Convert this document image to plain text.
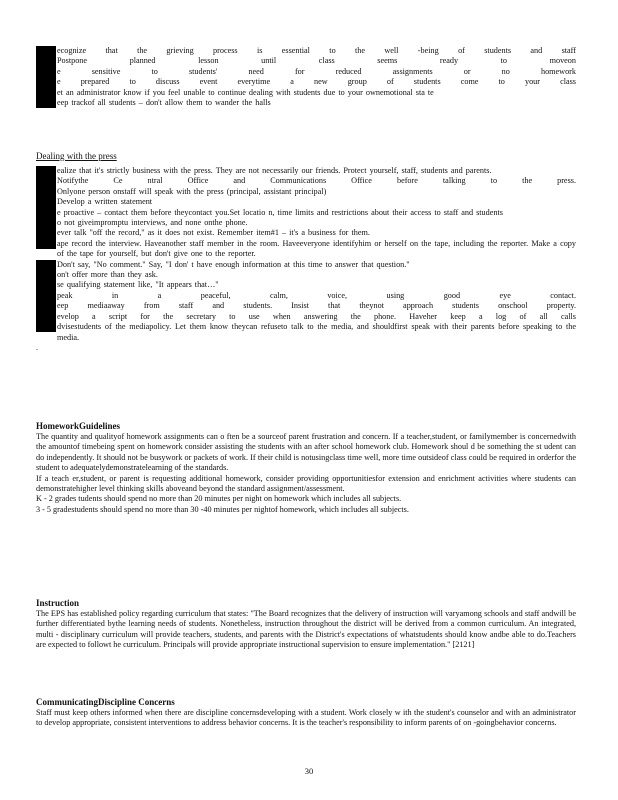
ecognize that the grieving process is essential to the well -being of students and staff
Postpone planned lesson until class seems ready to moveon
e sensitive to students' need for reduced assignments or no homework
e prepared to discuss event everytime a new group of students come to your class
et an administrator know if you feel unable to continue dealing with students due to your ownemotional sta te
eep trackof all students – don't allow them to wander the halls
Dealing with the press
ealize that it's strictly business with the press. They are not necessarily our friends. Protect yourself, staff, students and parents.
Notifythe Ce ntral Office and Communications Office before talking to the press.
Onlyone person onstaff will speak with the press (principal, assistant principal)
Develop a written statement
e proactive – contact them before theycontact you.Set locatio n, time limits and restrictions about their access to staff and students
o not giveimpromptu interviews, and none onthe phone.
ever talk "off the record," as it does not exist. Remember item#1 – it's a business for them.
ape record the interview. Haveanother staff member in the room. Haveeveryone identifyhim or herself on the tape, including the reporter. Make a copy of the tape for yourself, but don't give one to the reporter.
Don't say, "No comment." Say, "I don' t have enough information at this time to answer that question."
on't offer more than they ask.
se qualifying statement like, "It appears that…"
peak in a peaceful, calm, voice, using good eye contact.
eep mediaaway from staff and students. Insist that theynot approach students onschool property.
evelop a script for the secretary to use when answering the phone. Haveher keep a log of all calls
dvisestudents of the mediapolicy. Let them know theycan refuseto talk to the media, and shouldfirst speak with their parents before speaking to the media.
.
HomeworkGuidelines
The quantity and qualityof homework assignments can o ften be a sourceof parent frustration and concern. If a teacher,student, or familymember is concernedwith the amountof timebeing spent on homework consider assisting the students with an after school homework club. Homework shoul d be something the st udent can do independently. It should not be busywork or packets of work. If their child is notusingclass time well, more time outsideof class could be required in orderfor the student to adequatelydemonstratelearning of the standards.
If a teach er,student, or parent is requesting additional homework, consider providing opportunitiesfor extension and enrichment activities where students can demonstratehigher level thinking skills aboveand beyond the standard assignment/assessment.
K - 2 grades tudents should spend no more than 20 minutes per night on homework which includes all subjects.
3 - 5 gradestudents should spend no more than 30 -40 minutes per nightof homework, which includes all subjects.
Instruction
The EPS has established policy regarding curriculum that states: "The Board recognizes that the delivery of instruction will varyamong schools and staff andwill be further differentiated bythe learning needs of students. Nonetheless, instruction throughout the district will be derived from a common curriculum. An integrated, multi - disciplinary curriculum will provide teachers, students, and parents with the District's expectations of whatstudents should know andbe able to do.Teachers are expected to followt he curriculum. Principals will provide appropriate instructional supervision to ensure implementation." [2121]
CommunicatingDiscipline Concerns
Staff must keep others informed when there are discipline concernsdeveloping with a student. Work closely w ith the student's counselor and with an administrator to develop appropriate, consistent interventions to address behavior concerns. It is the teacher's responsibility to inform parents of on -goingbehavior concerns.
30
